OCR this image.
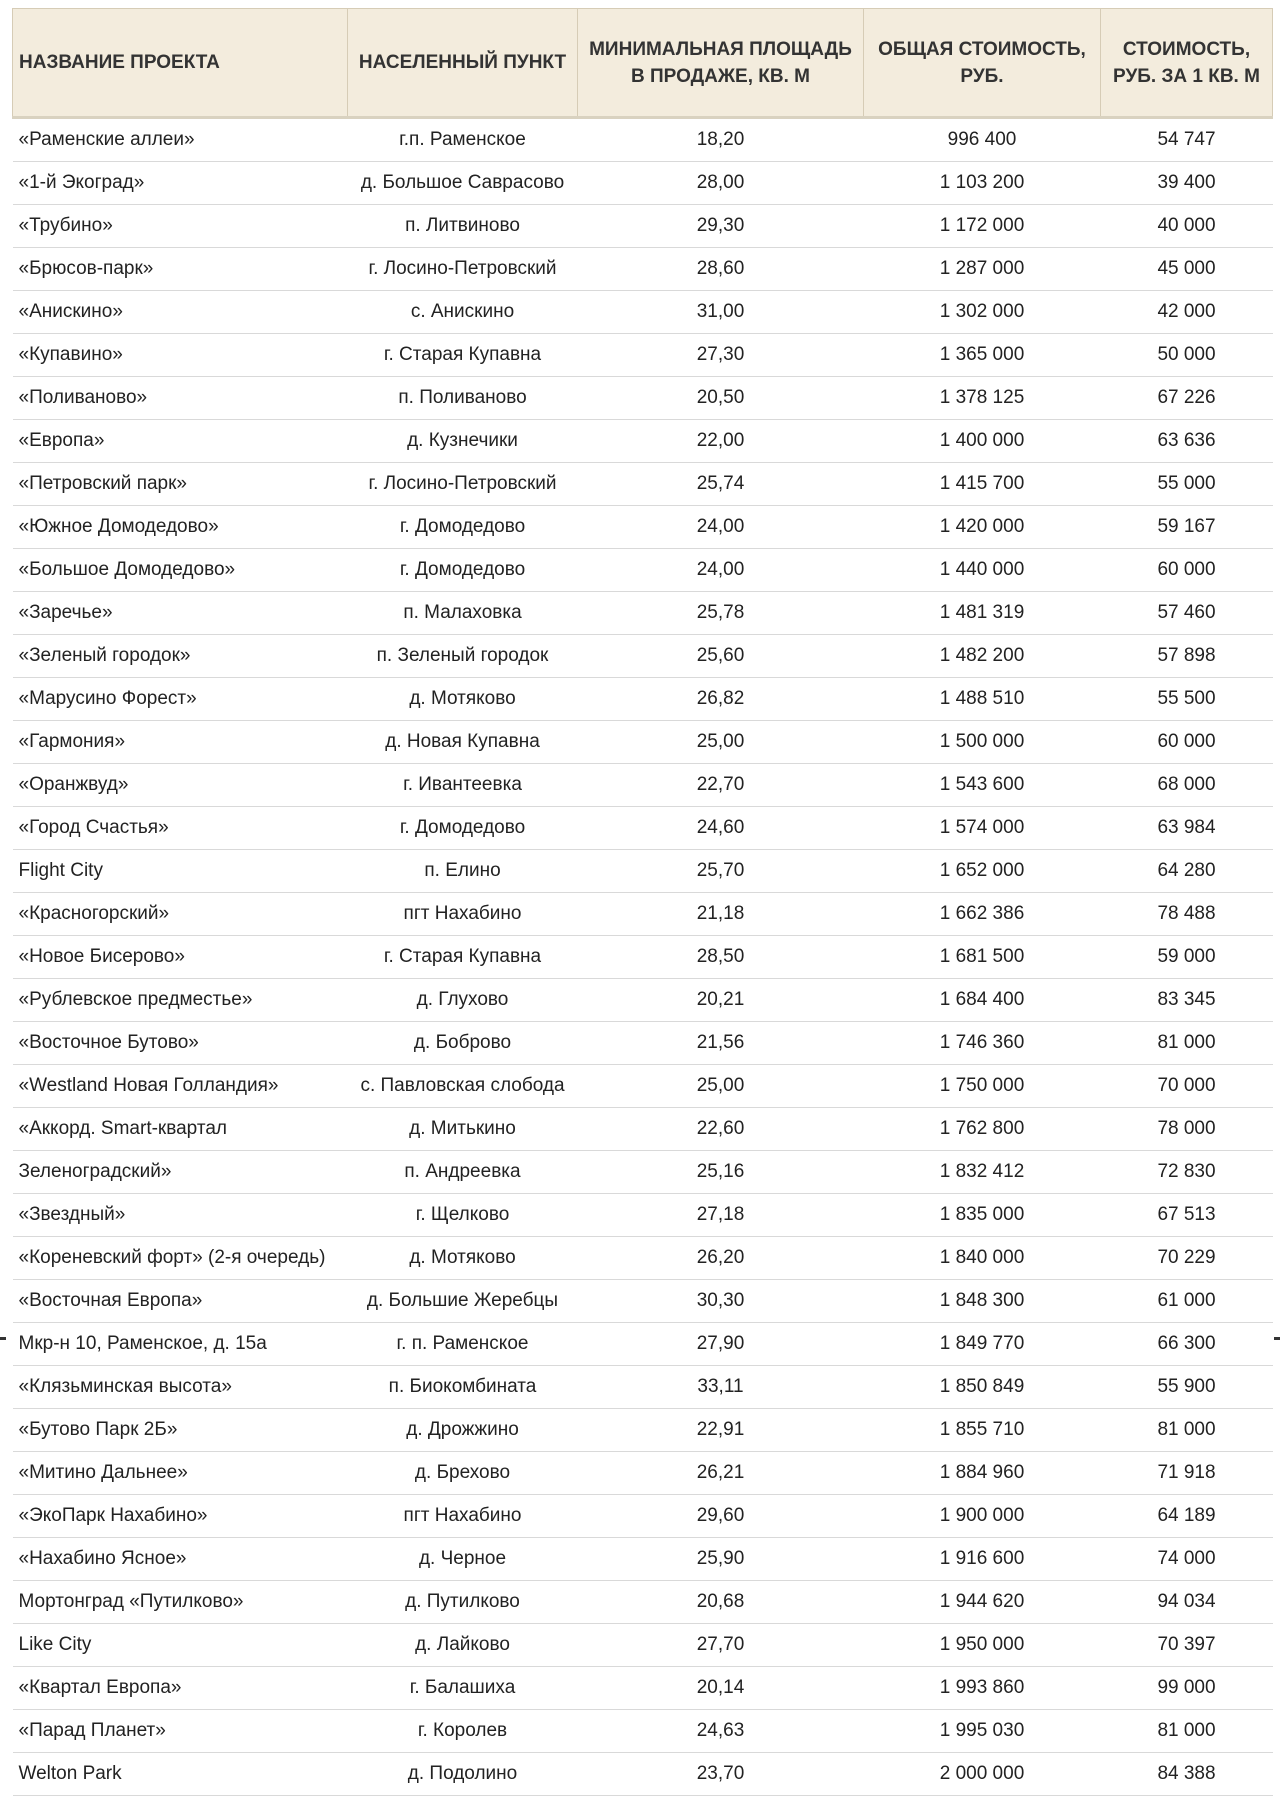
НАЗВАНИЕ ПРОЕКТА	НАСЕЛЕННЫЙ ПУНКТ	МИНИМАЛЬНАЯ ПЛОЩАДЬ В ПРОДАЖЕ, КВ. М	ОБЩАЯ СТОИМОСТЬ, РУБ.	СТОИМОСТЬ, РУБ. ЗА 1 КВ. М
«Раменские аллеи»	г.п. Раменское	18,20	996 400	54 747
«1-й Экоград»	д. Большое Саврасово	28,00	1 103 200	39 400
«Трубино»	п. Литвиново	29,30	1 172 000	40 000
«Брюсов-парк»	г. Лосино-Петровский	28,60	1 287 000	45 000
«Анискино»	с. Анискино	31,00	1 302 000	42 000
«Купавино»	г. Старая Купавна	27,30	1 365 000	50 000
«Поливаново»	п. Поливаново	20,50	1 378 125	67 226
«Европа»	д. Кузнечики	22,00	1 400 000	63 636
«Петровский парк»	г. Лосино-Петровский	25,74	1 415 700	55 000
«Южное Домодедово»	г. Домодедово	24,00	1 420 000	59 167
«Большое Домодедово»	г. Домодедово	24,00	1 440 000	60 000
«Заречье»	п. Малаховка	25,78	1 481 319	57 460
«Зеленый городок»	п. Зеленый городок	25,60	1 482 200	57 898
«Марусино Форест»	д. Мотяково	26,82	1 488 510	55 500
«Гармония»	д. Новая Купавна	25,00	1 500 000	60 000
«Оранжвуд»	г. Ивантеевка	22,70	1 543 600	68 000
«Город Счастья»	г. Домодедово	24,60	1 574 000	63 984
Flight City	п. Елино	25,70	1 652 000	64 280
«Красногорский»	пгт Нахабино	21,18	1 662 386	78 488
«Новое Бисерово»	г. Старая Купавна	28,50	1 681 500	59 000
«Рублевское предместье»	д. Глухово	20,21	1 684 400	83 345
«Восточное Бутово»	д. Боброво	21,56	1 746 360	81 000
«Westland Новая Голландия»	с. Павловская слобода	25,00	1 750 000	70 000
«Аккорд. Smart-квартал	д. Митькино	22,60	1 762 800	78 000
Зеленоградский»	п. Андреевка	25,16	1 832 412	72 830
«Звездный»	г. Щелково	27,18	1 835 000	67 513
«Кореневский форт» (2-я очередь)	д. Мотяково	26,20	1 840 000	70 229
«Восточная Европа»	д. Большие Жеребцы	30,30	1 848 300	61 000
Мкр-н 10, Раменское, д. 15а	г. п. Раменское	27,90	1 849 770	66 300
«Клязьминская высота»	п. Биокомбината	33,11	1 850 849	55 900
«Бутово Парк 2Б»	д. Дрожжино	22,91	1 855 710	81 000
«Митино Дальнее»	д. Брехово	26,21	1 884 960	71 918
«ЭкоПарк Нахабино»	пгт Нахабино	29,60	1 900 000	64 189
«Нахабино Ясное»	д. Черное	25,90	1 916 600	74 000
Мортонград «Путилково»	д. Путилково	20,68	1 944 620	94 034
Like City	д. Лайково	27,70	1 950 000	70 397
«Квартал Европа»	г. Балашиха	20,14	1 993 860	99 000
«Парад Планет»	г. Королев	24,63	1 995 030	81 000
Welton Park	д. Подолино	23,70	2 000 000	84 388
